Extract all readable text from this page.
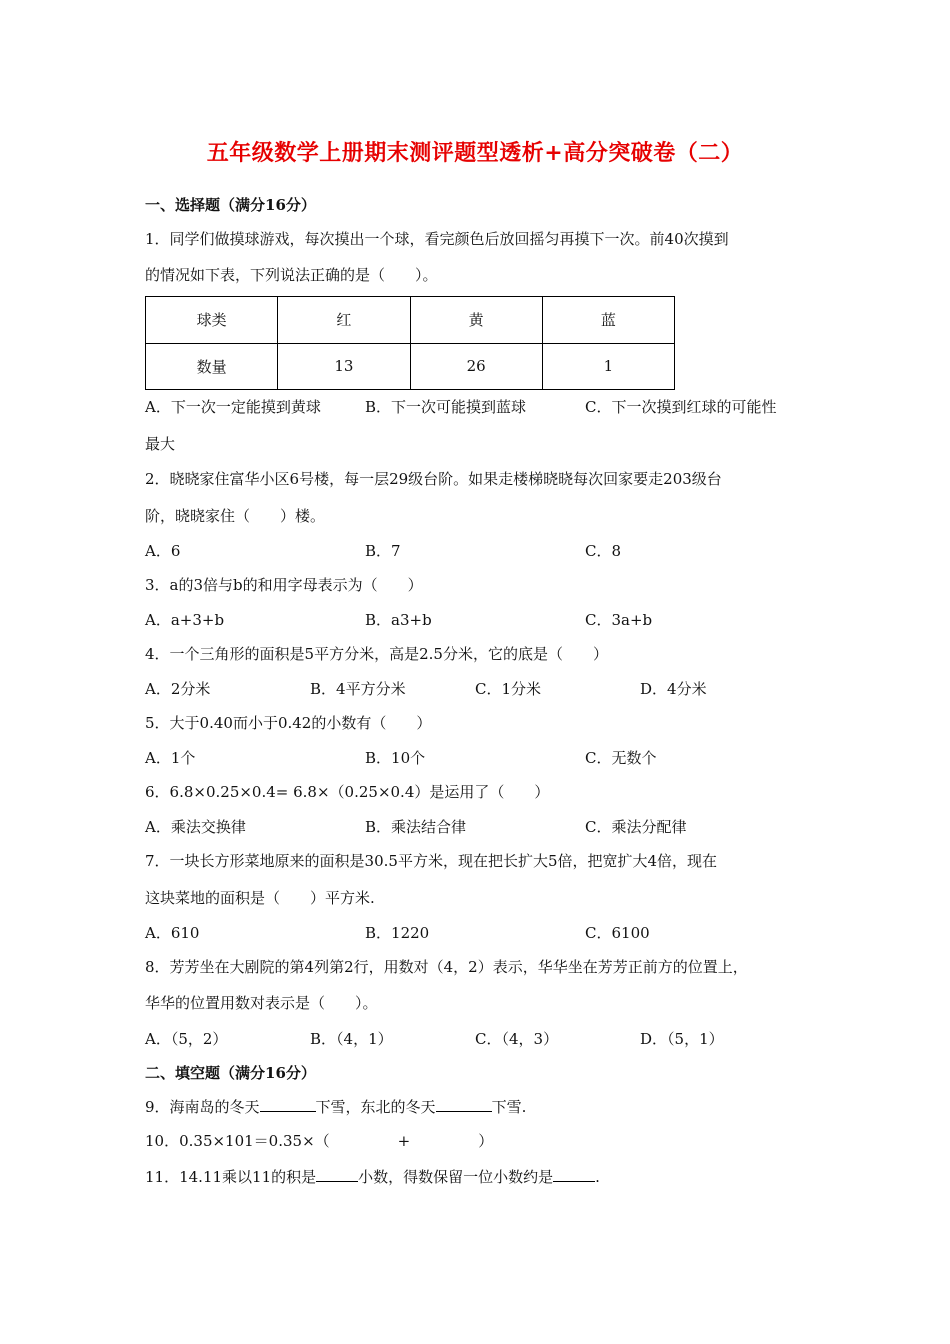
五年级数学上册期末测评题型透析+高分突破卷（二）
一、选择题（满分16分）
1．同学们做摸球游戏，每次摸出一个球，看完颜色后放回摇匀再摸下一次。前40次摸到
的情况如下表，下列说法正确的是（　　）。
球类	红	黄	蓝
数量	13	26	1
A．下一次一定能摸到黄球	B．下一次可能摸到蓝球	C．下一次摸到红球的可能性
最大
2．晓晓家住富华小区6号楼，每一层29级台阶。如果走楼梯晓晓每次回家要走203级台
阶，晓晓家住（　　）楼。
A．6	B．7	C．8
3．a的3倍与b的和用字母表示为（　　）
A．a+3+b	B．a3+b	C．3a+b
4．一个三角形的面积是5平方分米，高是2.5分米，它的底是（　　）
A．2分米	B．4平方分米	C．1分米	D．4分米
5．大于0.40而小于0.42的小数有（　　）
A．1个	B．10个	C．无数个
6．6.8×0.25×0.4= 6.8×（0.25×0.4）是运用了（　　）
A．乘法交换律	B．乘法结合律	C．乘法分配律
7．一块长方形菜地原来的面积是30.5平方米，现在把长扩大5倍，把宽扩大4倍，现在
这块菜地的面积是（　　）平方米.
A．610	B．1220	C．6100
8．芳芳坐在大剧院的第4列第2行，用数对（4，2）表示，华华坐在芳芳正前方的位置上，
华华的位置用数对表示是（　　）。
A．（5，2）	B．（4，1）	C．（4，3）	D．（5，1）
二、填空题（满分16分）
9．海南岛的冬天	下雪，东北的冬天	下雪.
10．0.35×101＝0.35×（	+	）
11．14.11乘以11的积是	小数，得数保留一位小数约是	.
